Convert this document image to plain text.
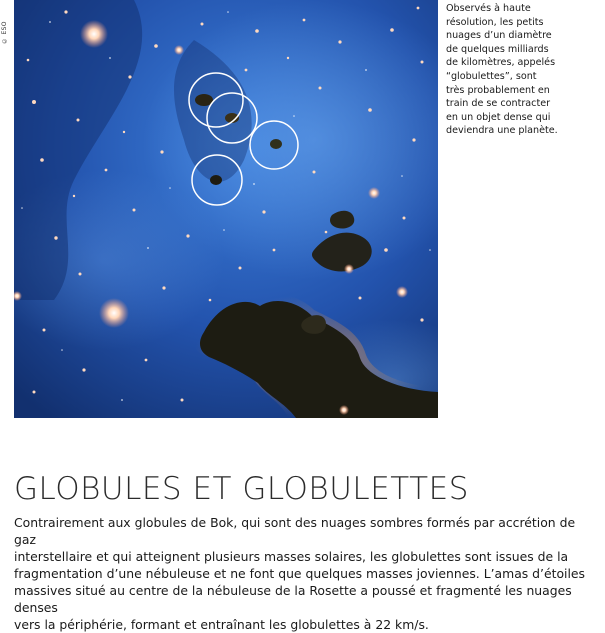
© ESO
Observés à haute
résolution, les petits
nuages d’un diamètre
de quelques milliards
de kilomètres, appelés
“globulettes”, sont
très probablement en
train de se contracter
en un objet dense qui
deviendra une planète.
GLOBULES ET GLOBULETTES
Contrairement aux globules de Bok, qui sont des nuages sombres formés par accrétion de gaz
interstellaire et qui atteignent plusieurs masses solaires, les globulettes sont issues de la
fragmentation d’une nébuleuse et ne font que quelques masses joviennes. L’amas d’étoiles
massives situé au centre de la nébuleuse de la Rosette a poussé et fragmenté les nuages denses
vers la périphérie, formant et entraînant les globulettes à 22 km/s.
